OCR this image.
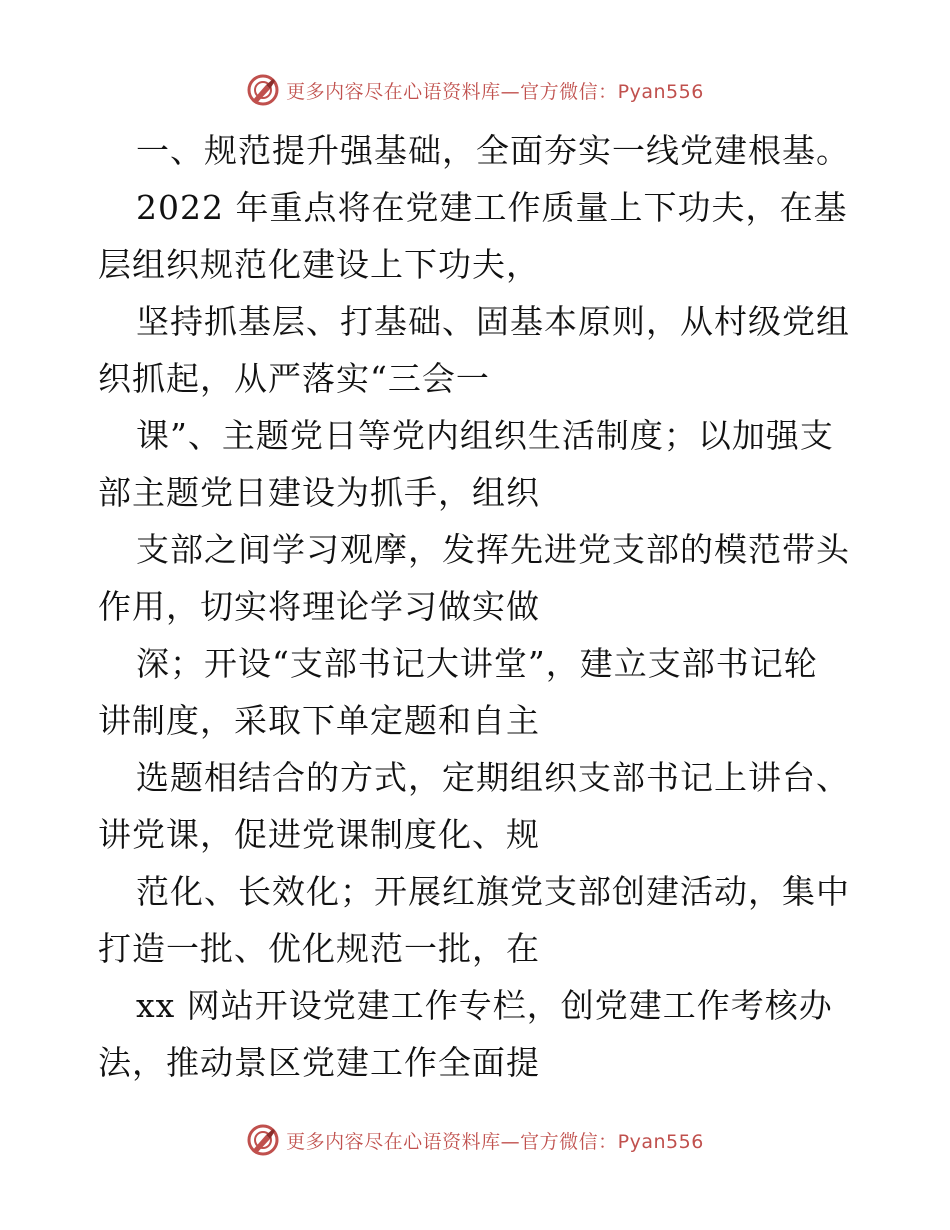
更多内容尽在心语资料库—官方微信：Pyan556
一、规范提升强基础，全面夯实一线党建根基。
2022 年重点将在党建工作质量上下功夫，在基
层组织规范化建设上下功夫，
坚持抓基层、打基础、固基本原则，从村级党组
织抓起，从严落实“三会一
课”、主题党日等党内组织生活制度；以加强支
部主题党日建设为抓手，组织
支部之间学习观摩，发挥先进党支部的模范带头
作用，切实将理论学习做实做
深；开设“支部书记大讲堂”，建立支部书记轮
讲制度，采取下单定题和自主
选题相结合的方式，定期组织支部书记上讲台、
讲党课，促进党课制度化、规
范化、长效化；开展红旗党支部创建活动，集中
打造一批、优化规范一批，在
xx 网站开设党建工作专栏，创党建工作考核办
法，推动景区党建工作全面提
更多内容尽在心语资料库—官方微信：Pyan556
